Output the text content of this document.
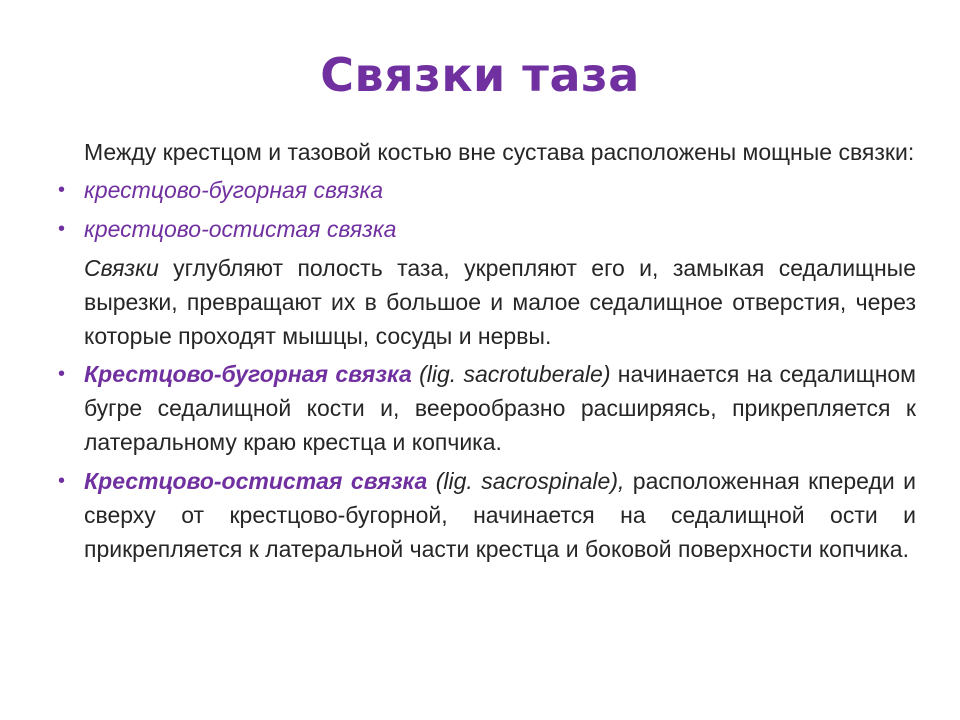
Связки таза
Между крестцом и тазовой костью вне сустава расположены мощные связки:
• крестцово-бугорная связка
• крестцово-остистая связка
Связки углубляют полость таза, укрепляют его и, замыкая седалищные вырезки, превращают их в большое и малое седалищное отверстия, через которые проходят мышцы, сосуды и нервы.
• Крестцово-бугорная связка (lig. sacrotuberale) начинается на седалищном бугре седалищной кости и, веерообразно расширяясь, прикрепляется к латеральному краю крестца и копчика.
• Крестцово-остистая связка (lig. sacrospinale), расположенная кпереди и сверху от крестцово-бугорной, начинается на седалищной ости и прикрепляется к латеральной части крестца и боковой поверхности копчика.
